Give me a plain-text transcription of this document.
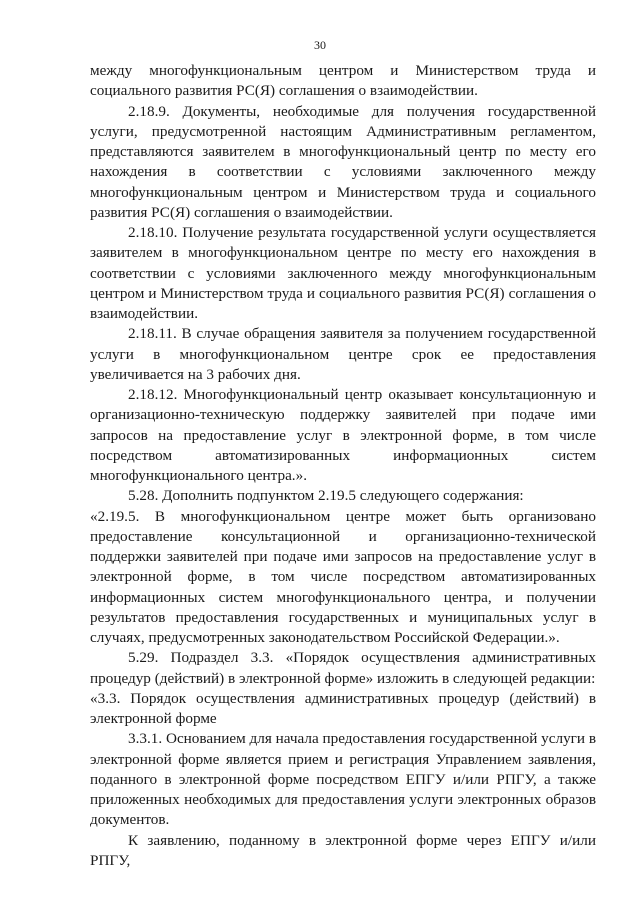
30

между многофункциональным центром и Министерством труда и социального развития РС(Я) соглашения о взаимодействии.

2.18.9. Документы, необходимые для получения государственной услуги, предусмотренной настоящим Административным регламентом, представляются заявителем в многофункциональный центр по месту его нахождения в соответствии с условиями заключенного между многофункциональным центром и Министерством труда и социального развития РС(Я) соглашения о взаимодействии.

2.18.10. Получение результата государственной услуги осуществляется заявителем в многофункциональном центре по месту его нахождения в соответствии с условиями заключенного между многофункциональным центром и Министерством труда и социального развития РС(Я) соглашения о взаимодействии.

2.18.11. В случае обращения заявителя за получением государственной услуги в многофункциональном центре срок ее предоставления увеличивается на 3 рабочих дня.

2.18.12. Многофункциональный центр оказывает консультационную и организационно-техническую поддержку заявителей при подаче ими запросов на предоставление услуг в электронной форме, в том числе посредством автоматизированных информационных систем многофункционального центра.».

5.28. Дополнить подпунктом 2.19.5 следующего содержания:

«2.19.5. В многофункциональном центре может быть организовано предоставление консультационной и организационно-технической поддержки заявителей при подаче ими запросов на предоставление услуг в электронной форме, в том числе посредством автоматизированных информационных систем многофункционального центра, и получении результатов предоставления государственных и муниципальных услуг в случаях, предусмотренных законодательством Российской Федерации.».

5.29. Подраздел 3.3. «Порядок осуществления административных процедур (действий) в электронной форме» изложить в следующей редакции:

«3.3. Порядок осуществления административных процедур (действий) в электронной форме

3.3.1. Основанием для начала предоставления государственной услуги в электронной форме является прием и регистрация Управлением заявления, поданного в электронной форме посредством ЕПГУ и/или РПГУ, а также приложенных необходимых для предоставления услуги электронных образов документов.

К заявлению, поданному в электронной форме через ЕПГУ и/или РПГУ,
